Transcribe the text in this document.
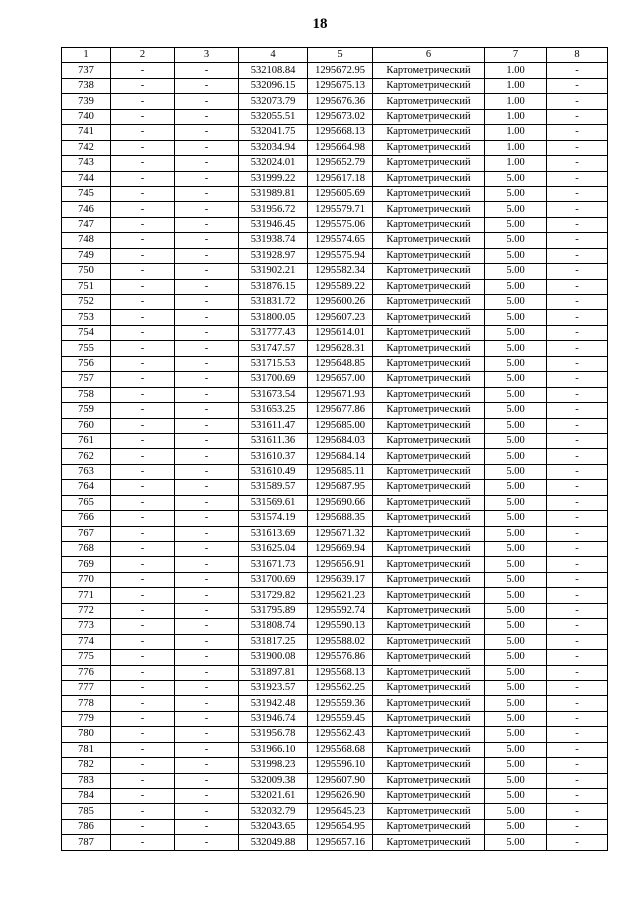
18
1	2	3	4	5	6	7	8
737	-	-	532108.84	1295672.95	Картометрический	1.00	-
738	-	-	532096.15	1295675.13	Картометрический	1.00	-
739	-	-	532073.79	1295676.36	Картометрический	1.00	-
740	-	-	532055.51	1295673.02	Картометрический	1.00	-
741	-	-	532041.75	1295668.13	Картометрический	1.00	-
742	-	-	532034.94	1295664.98	Картометрический	1.00	-
743	-	-	532024.01	1295652.79	Картометрический	1.00	-
744	-	-	531999.22	1295617.18	Картометрический	5.00	-
745	-	-	531989.81	1295605.69	Картометрический	5.00	-
746	-	-	531956.72	1295579.71	Картометрический	5.00	-
747	-	-	531946.45	1295575.06	Картометрический	5.00	-
748	-	-	531938.74	1295574.65	Картометрический	5.00	-
749	-	-	531928.97	1295575.94	Картометрический	5.00	-
750	-	-	531902.21	1295582.34	Картометрический	5.00	-
751	-	-	531876.15	1295589.22	Картометрический	5.00	-
752	-	-	531831.72	1295600.26	Картометрический	5.00	-
753	-	-	531800.05	1295607.23	Картометрический	5.00	-
754	-	-	531777.43	1295614.01	Картометрический	5.00	-
755	-	-	531747.57	1295628.31	Картометрический	5.00	-
756	-	-	531715.53	1295648.85	Картометрический	5.00	-
757	-	-	531700.69	1295657.00	Картометрический	5.00	-
758	-	-	531673.54	1295671.93	Картометрический	5.00	-
759	-	-	531653.25	1295677.86	Картометрический	5.00	-
760	-	-	531611.47	1295685.00	Картометрический	5.00	-
761	-	-	531611.36	1295684.03	Картометрический	5.00	-
762	-	-	531610.37	1295684.14	Картометрический	5.00	-
763	-	-	531610.49	1295685.11	Картометрический	5.00	-
764	-	-	531589.57	1295687.95	Картометрический	5.00	-
765	-	-	531569.61	1295690.66	Картометрический	5.00	-
766	-	-	531574.19	1295688.35	Картометрический	5.00	-
767	-	-	531613.69	1295671.32	Картометрический	5.00	-
768	-	-	531625.04	1295669.94	Картометрический	5.00	-
769	-	-	531671.73	1295656.91	Картометрический	5.00	-
770	-	-	531700.69	1295639.17	Картометрический	5.00	-
771	-	-	531729.82	1295621.23	Картометрический	5.00	-
772	-	-	531795.89	1295592.74	Картометрический	5.00	-
773	-	-	531808.74	1295590.13	Картометрический	5.00	-
774	-	-	531817.25	1295588.02	Картометрический	5.00	-
775	-	-	531900.08	1295576.86	Картометрический	5.00	-
776	-	-	531897.81	1295568.13	Картометрический	5.00	-
777	-	-	531923.57	1295562.25	Картометрический	5.00	-
778	-	-	531942.48	1295559.36	Картометрический	5.00	-
779	-	-	531946.74	1295559.45	Картометрический	5.00	-
780	-	-	531956.78	1295562.43	Картометрический	5.00	-
781	-	-	531966.10	1295568.68	Картометрический	5.00	-
782	-	-	531998.23	1295596.10	Картометрический	5.00	-
783	-	-	532009.38	1295607.90	Картометрический	5.00	-
784	-	-	532021.61	1295626.90	Картометрический	5.00	-
785	-	-	532032.79	1295645.23	Картометрический	5.00	-
786	-	-	532043.65	1295654.95	Картометрический	5.00	-
787	-	-	532049.88	1295657.16	Картометрический	5.00	-
